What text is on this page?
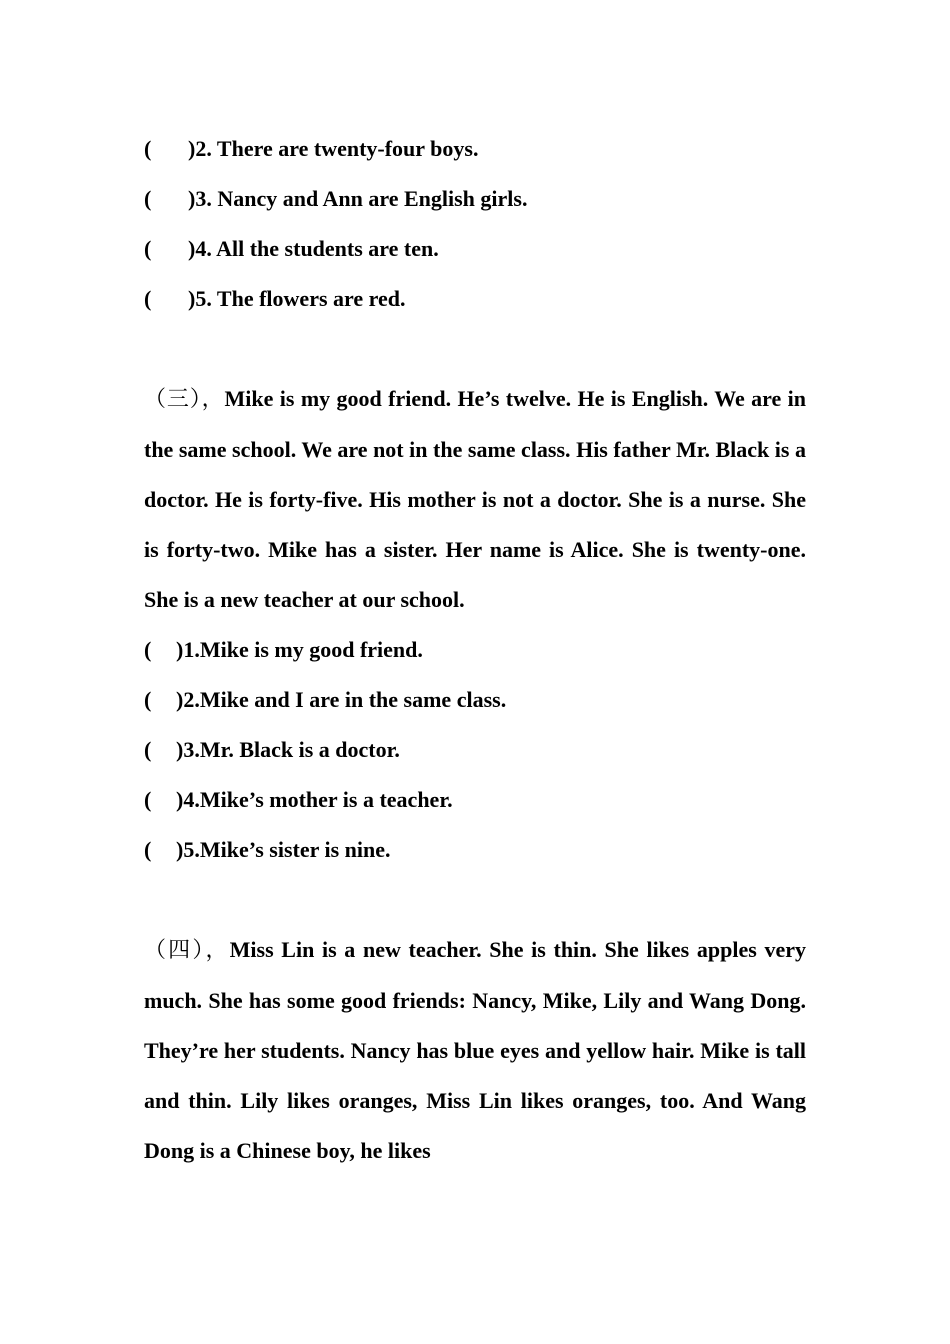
( )2. There are twenty-four boys.
( )3. Nancy and Ann are English girls.
( )4. All the students are ten.
( )5. The flowers are red.

（三），Mike is my good friend. He’s twelve. He is English. We are in the same school. We are not in the same class. His father Mr. Black is a doctor. He is forty-five. His mother is not a doctor. She is a nurse. She is forty-two. Mike has a sister. Her name is Alice. She is twenty-one. She is a new teacher at our school.

( )1.Mike is my good friend.
( )2.Mike and I are in the same class.
( )3.Mr. Black is a doctor.
( )4.Mike’s mother is a teacher.
( )5.Mike’s sister is nine.

（四），Miss Lin is a new teacher. She is thin. She likes apples very much. She has some good friends: Nancy, Mike, Lily and Wang Dong. They’re her students. Nancy has blue eyes and yellow hair. Mike is tall and thin. Lily likes oranges, Miss Lin likes oranges, too. And Wang Dong is a Chinese boy, he likes
